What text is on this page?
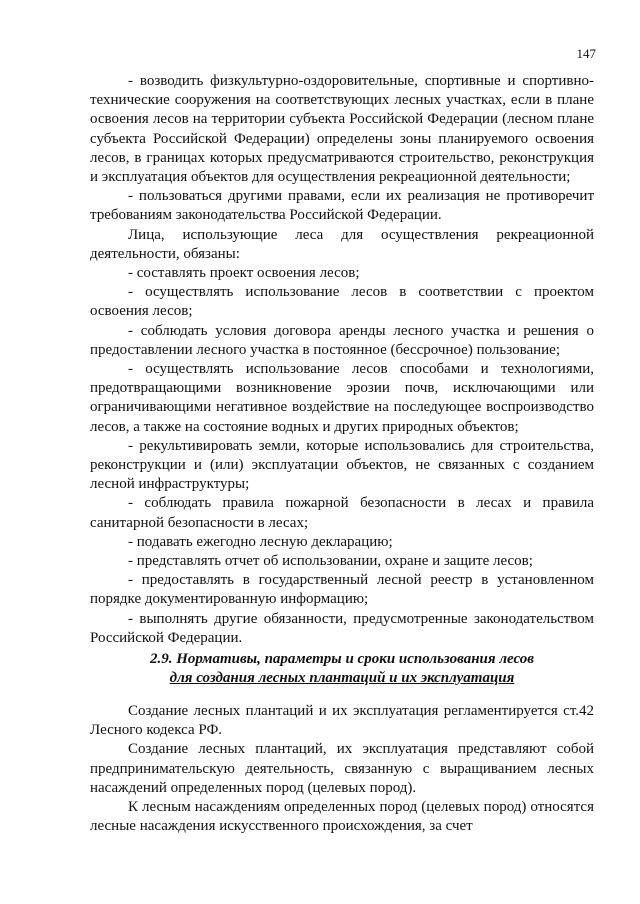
147

- возводить физкультурно-оздоровительные, спортивные и спортивно-технические сооружения на соответствующих лесных участках, если в плане освоения лесов на территории субъекта Российской Федерации (лесном плане субъекта Российской Федерации) определены зоны планируемого освоения лесов, в границах которых предусматриваются строительство, реконструкция и эксплуатация объектов для осуществления рекреационной деятельности;

- пользоваться другими правами, если их реализация не противоречит требованиям законодательства Российской Федерации.

Лица, использующие леса для осуществления рекреационной деятельности, обязаны:

- составлять проект освоения лесов;

- осуществлять использование лесов в соответствии с проектом освоения лесов;

- соблюдать условия договора аренды лесного участка и решения о предоставлении лесного участка в постоянное (бессрочное) пользование;

- осуществлять использование лесов способами и технологиями, предотвращающими возникновение эрозии почв, исключающими или ограничивающими негативное воздействие на последующее воспроизводство лесов, а также на состояние водных и других природных объектов;

- рекультивировать земли, которые использовались для строительства, реконструкции и (или) эксплуатации объектов, не связанных с созданием лесной инфраструктуры;

- соблюдать правила пожарной безопасности в лесах и правила санитарной безопасности в лесах;

- подавать ежегодно лесную декларацию;

- представлять отчет об использовании, охране и защите лесов;

- предоставлять в государственный лесной реестр в установленном порядке документированную информацию;

- выполнять другие обязанности, предусмотренные законодательством Российской Федерации.

2.9. Нормативы, параметры и сроки использования лесов
для создания лесных плантаций и их эксплуатация

Создание лесных плантаций и их эксплуатация регламентируется ст.42 Лесного кодекса РФ.

Создание лесных плантаций, их эксплуатация представляют собой предпринимательскую деятельность, связанную с выращиванием лесных насаждений определенных пород (целевых пород).

К лесным насаждениям определенных пород (целевых пород) относятся лесные насаждения искусственного происхождения, за счет
